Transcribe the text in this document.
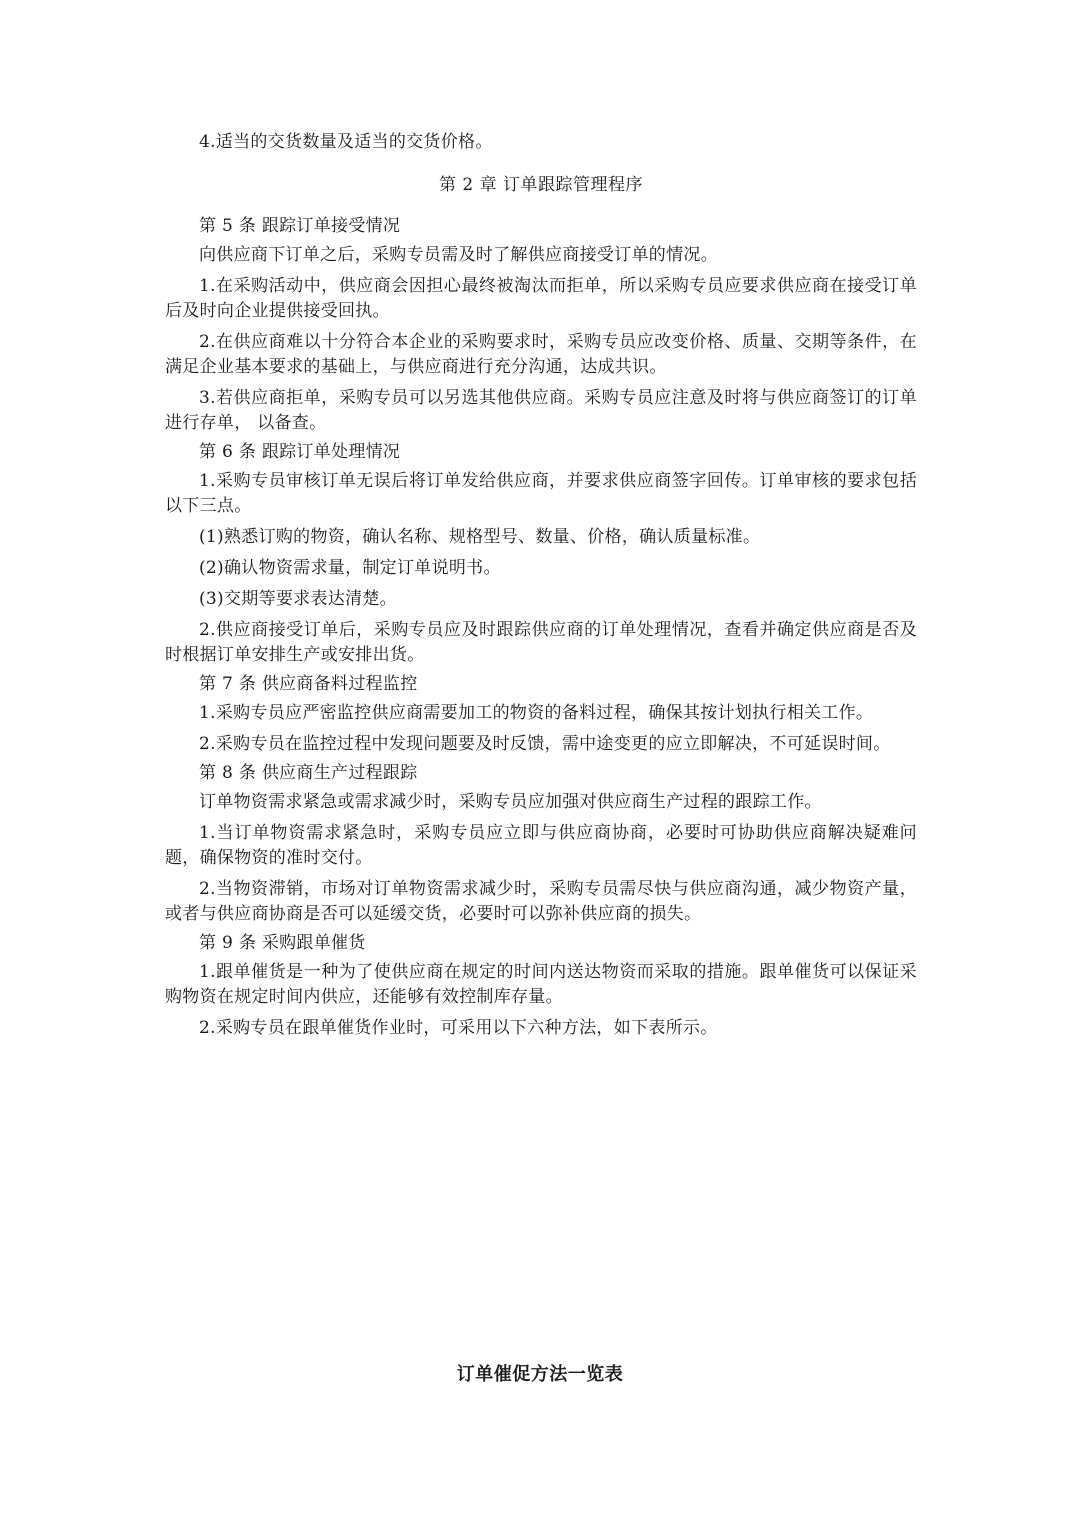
4.适当的交货数量及适当的交货价格。

第 2 章 订单跟踪管理程序

第 5 条 跟踪订单接受情况

向供应商下订单之后，采购专员需及时了解供应商接受订单的情况。

1.在采购活动中，供应商会因担心最终被淘汰而拒单，所以采购专员应要求供应商在接受订单后及时向企业提供接受回执。

2.在供应商难以十分符合本企业的采购要求时，采购专员应改变价格、质量、交期等条件，在满足企业基本要求的基础上，与供应商进行充分沟通，达成共识。

3.若供应商拒单，采购专员可以另选其他供应商。采购专员应注意及时将与供应商签订的订单进行存单， 以备查。

第 6 条 跟踪订单处理情况

1.采购专员审核订单无误后将订单发给供应商，并要求供应商签字回传。订单审核的要求包括以下三点。

(1)熟悉订购的物资，确认名称、规格型号、数量、价格，确认质量标准。

(2)确认物资需求量，制定订单说明书。

(3)交期等要求表达清楚。

2.供应商接受订单后，采购专员应及时跟踪供应商的订单处理情况，查看并确定供应商是否及时根据订单安排生产或安排出货。

第 7 条 供应商备料过程监控

1.采购专员应严密监控供应商需要加工的物资的备料过程，确保其按计划执行相关工作。

2.采购专员在监控过程中发现问题要及时反馈，需中途变更的应立即解决，不可延误时间。

第 8 条 供应商生产过程跟踪

订单物资需求紧急或需求减少时，采购专员应加强对供应商生产过程的跟踪工作。

1.当订单物资需求紧急时，采购专员应立即与供应商协商，必要时可协助供应商解决疑难问题，确保物资的准时交付。

2.当物资滞销，市场对订单物资需求减少时，采购专员需尽快与供应商沟通，减少物资产量，或者与供应商协商是否可以延缓交货，必要时可以弥补供应商的损失。

第 9 条 采购跟单催货

1.跟单催货是一种为了使供应商在规定的时间内送达物资而采取的措施。跟单催货可以保证采购物资在规定时间内供应，还能够有效控制库存量。

2.采购专员在跟单催货作业时，可采用以下六种方法，如下表所示。

订单催促方法一览表
